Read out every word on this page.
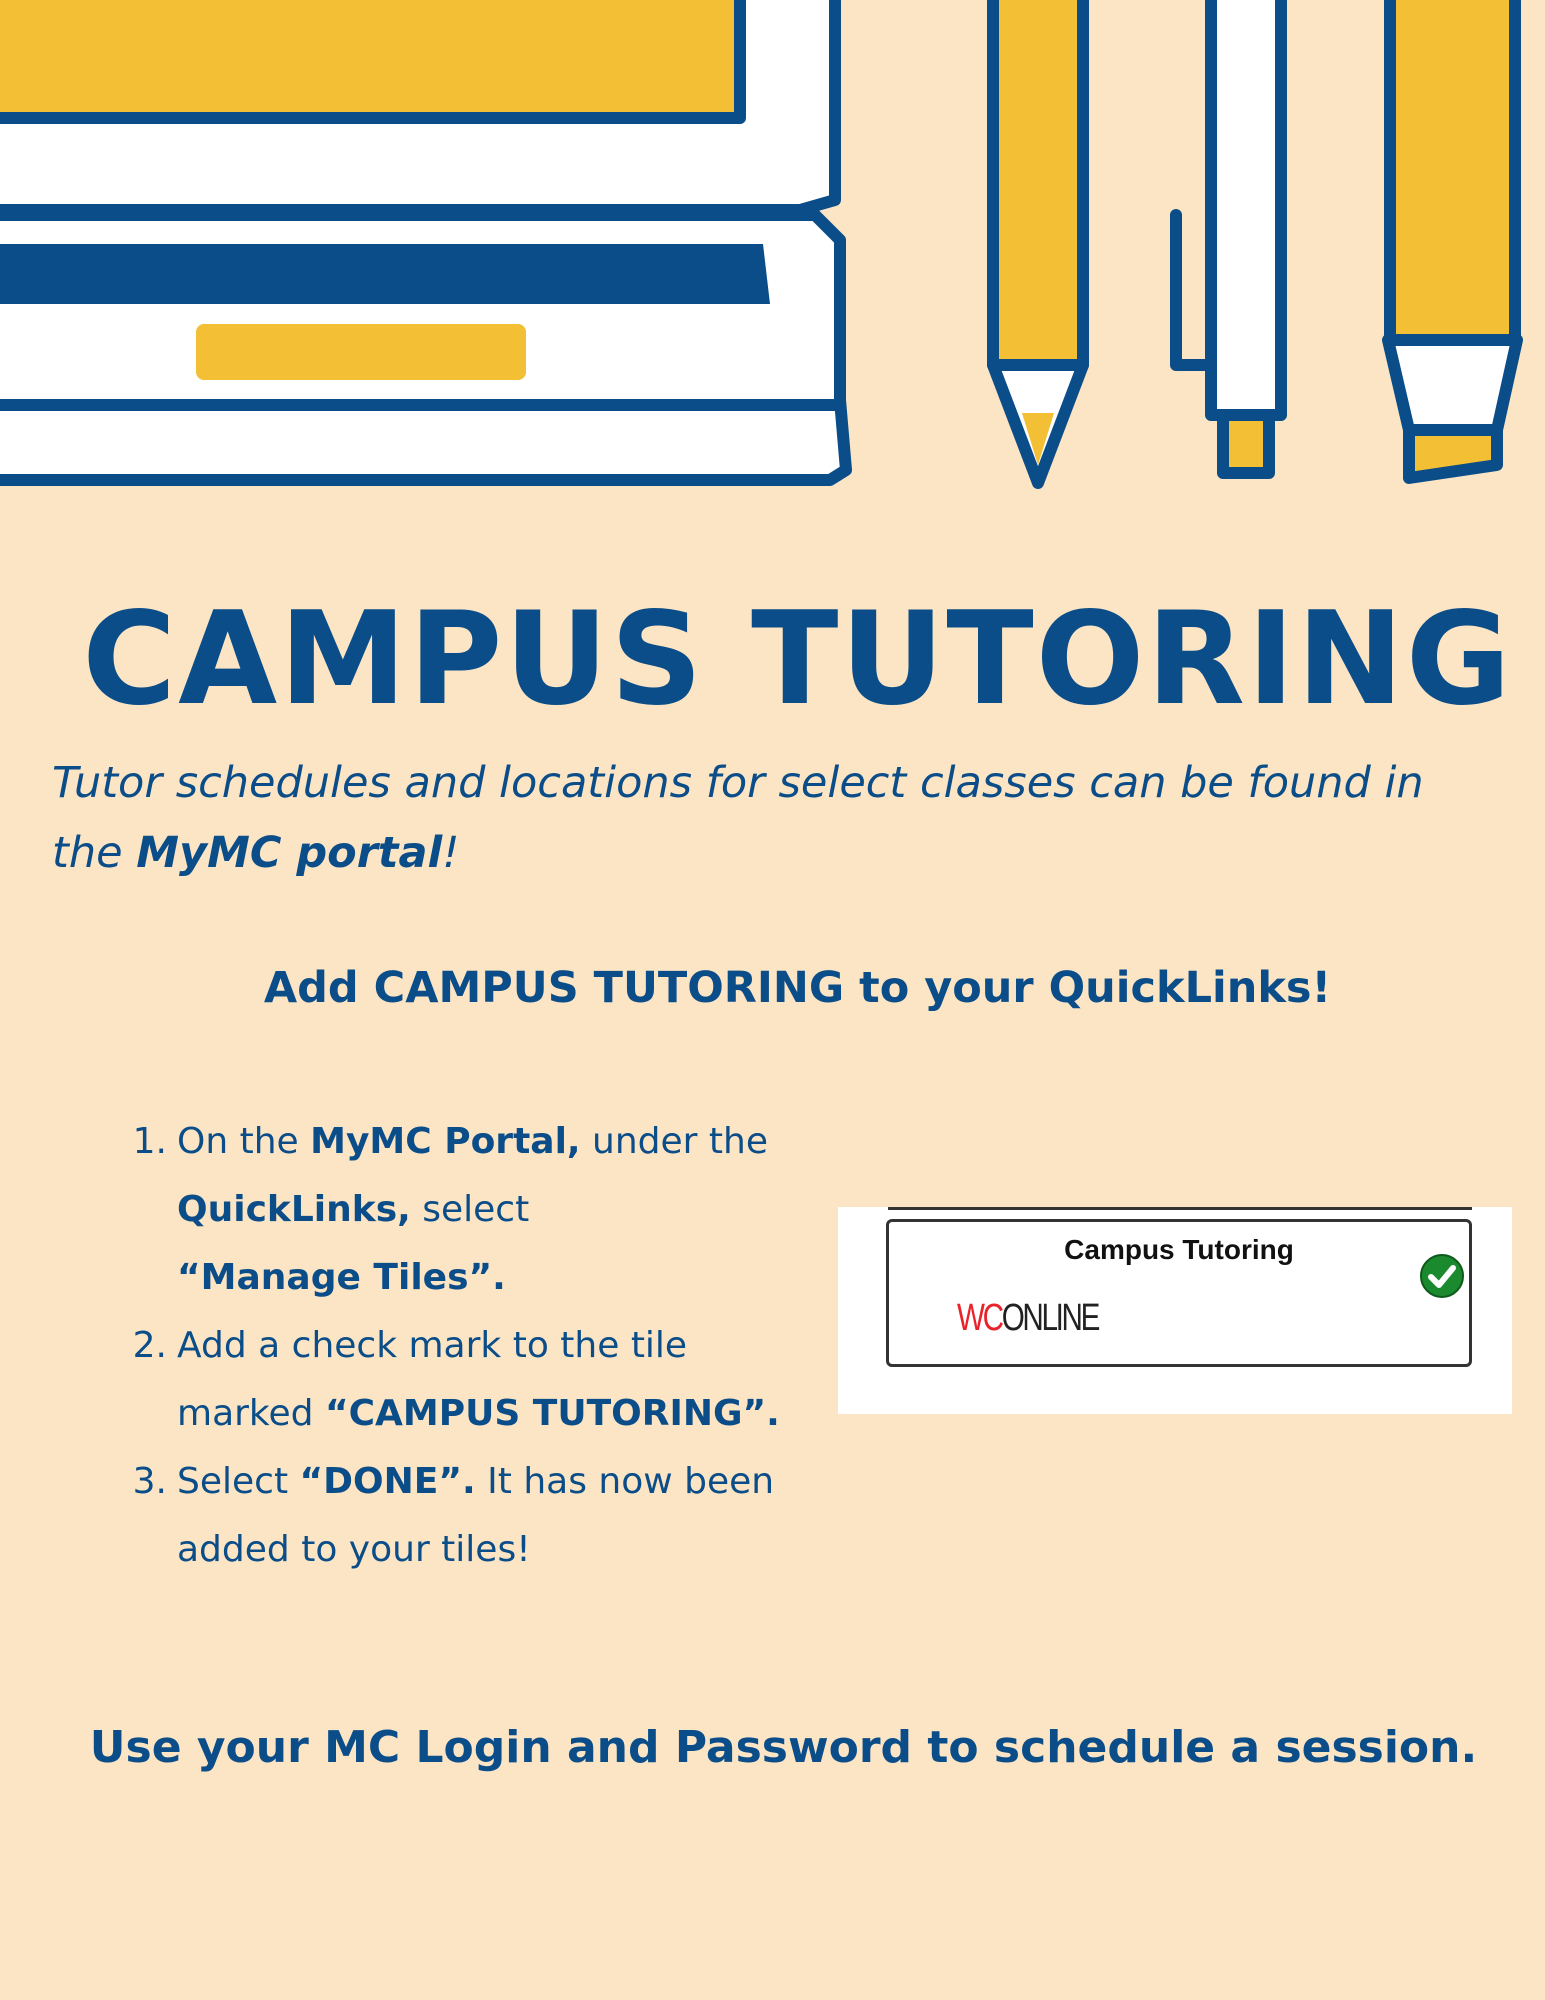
CAMPUS TUTORING
Tutor schedules and locations for select classes can be found in the MyMC portal!
Add CAMPUS TUTORING to your QuickLinks!
1. On the MyMC Portal, under the QuickLinks, select
“Manage Tiles”.
2. Add a check mark to the tile marked “CAMPUS TUTORING”.
3. Select “DONE”. It has now been added to your tiles!
Campus Tutoring
WCONLINE
Use your MC Login and Password to schedule a session.
